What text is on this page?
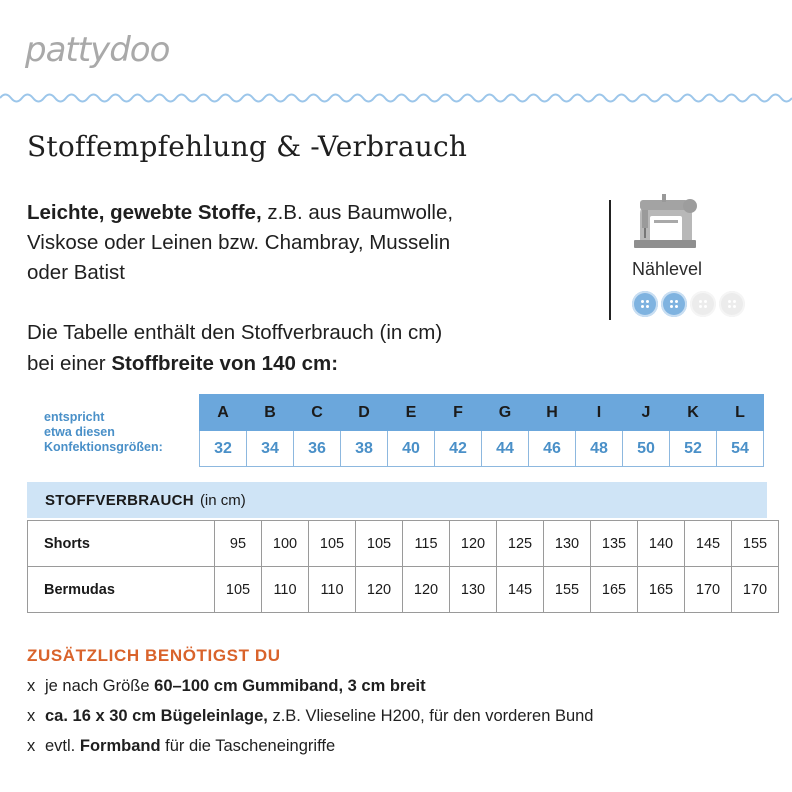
pattydoo
Stoffempfehlung & -Verbrauch
Leichte, gewebte Stoffe, z.B. aus Baumwolle,
Viskose oder Leinen bzw. Chambray, Musselin
oder Batist
Die Tabelle enthält den Stoffverbrauch (in cm)
bei einer Stoffbreite von 140 cm:
Nählevel
entspricht
etwa diesen
Konfektionsgrößen:
A	B	C	D	E	F	G	H	I	J	K	L
32	34	36	38	40	42	44	46	48	50	52	54
STOFFVERBRAUCH (in cm)
Shorts	95	100	105	105	115	120	125	130	135	140	145	155
Bermudas	105	110	110	120	120	130	145	155	165	165	170	170
ZUSÄTZLICH BENÖTIGST DU
x je nach Größe 60–100 cm Gummiband, 3 cm breit
x ca. 16 x 30 cm Bügeleinlage, z.B. Vlieseline H200, für den vorderen Bund
x evtl. Formband für die Tascheneingriffe
